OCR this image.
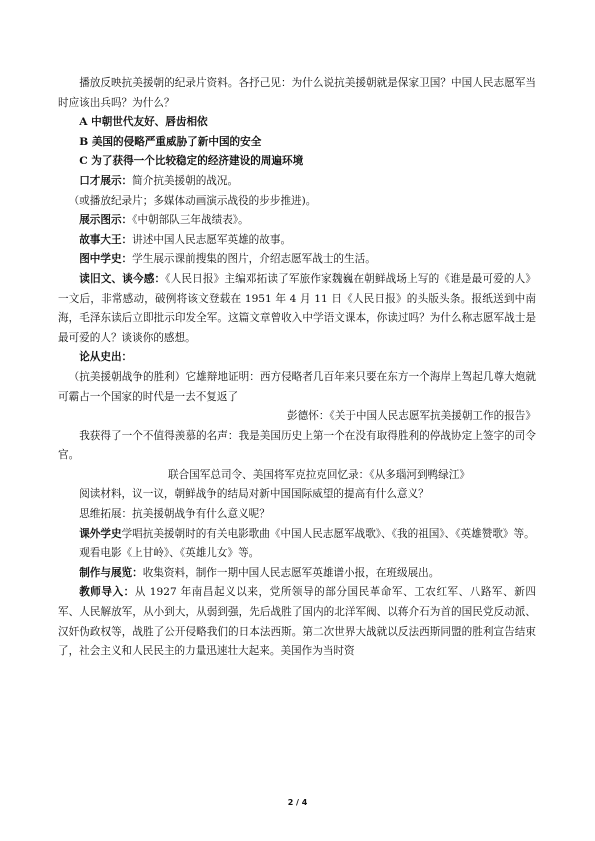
播放反映抗美援朝的纪录片资料。各抒己见：为什么说抗美援朝就是保家卫国？中国人民志愿军当时应该出兵吗？为什么？

A 中朝世代友好、唇齿相依

B 美国的侵略严重威胁了新中国的安全

C 为了获得一个比较稳定的经济建设的周遍环境

口才展示：简介抗美援朝的战况。

（或播放纪录片；多媒体动画演示战役的步步推进)。

展示图示：《中朝部队三年战绩表》。

故事大王：讲述中国人民志愿军英雄的故事。

图中学史：学生展示课前搜集的图片，介绍志愿军战士的生活。

读旧文、谈今感：《人民日报》主编邓拓读了军旅作家魏巍在朝鲜战场上写的《谁是最可爱的人》一文后，非常感动，破例将该文登载在 1951 年 4 月 11 日《人民日报》的头版头条。报纸送到中南海，毛泽东读后立即批示印发全军。这篇文章曾收入中学语文课本，你读过吗？为什么称志愿军战士是最可爱的人？谈谈你的感想。

论从史出：

（抗美援朝战争的胜利）它雄辩地证明：西方侵略者几百年来只要在东方一个海岸上驾起几尊大炮就可霸占一个国家的时代是一去不复返了

彭德怀：《关于中国人民志愿军抗美援朝工作的报告》

我获得了一个不值得羡慕的名声：我是美国历史上第一个在没有取得胜利的停战协定上签字的司令官。

联合国军总司令、美国将军克拉克回忆录：《从多瑙河到鸭绿江》

阅读材料，议一议，朝鲜战争的结局对新中国国际威望的提高有什么意义？

思维拓展：抗美援朝战争有什么意义呢？

课外学史学唱抗美援朝时的有关电影歌曲《中国人民志愿军战歌》、《我的祖国》、《英雄赞歌》等。

观看电影《上甘岭》、《英雄儿女》等。

制作与展览：收集资料，制作一期中国人民志愿军英雄谱小报，在班级展出。

教师导入：从 1927 年南昌起义以来，党所领导的部分国民革命军、工农红军、八路军、新四军、人民解放军，从小到大，从弱到强，先后战胜了国内的北洋军阀、以蒋介石为首的国民党反动派、汉奸伪政权等，战胜了公开侵略我们的日本法西斯。第二次世界大战就以反法西斯同盟的胜利宣告结束了，社会主义和人民民主的力量迅速壮大起来。美国作为当时资

2 / 4
